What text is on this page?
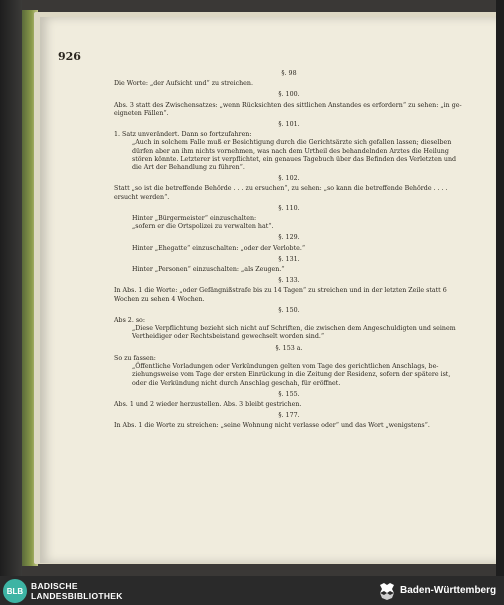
926
§. 98
Die Worte: „der Aufsicht und“ zu streichen.
§. 100.
Abs. 3 statt des Zwischensatzes: „wenn Rücksichten des sittlichen Anstandes es erfordern“ zu sehen: „in ge-eigneten Fällen“.
§. 101.
1. Satz unverändert. Dann so fortzufahren:
„Auch in solchem Falle muß er Besichtigung durch die Gerichtsärzte sich gefallen lassen; dieselben dürfen aber an ihm nichts vornehmen, was nach dem Urtheil des behandelnden Arztes die Heilung stören könnte. Letzterer ist verpflichtet, ein genaues Tagebuch über das Befinden des Verletzten und die Art der Behandlung zu führen“.
§. 102.
Statt „so ist die betreffende Behörde . . . zu ersuchen“, zu sehen: „so kann die betreffende Behörde . . . . ersucht werden“.
§. 110.
Hinter „Bürgermeister“ einzuschalten:
„sofern er die Ortspolizei zu verwalten hat“.
§. 129.
Hinter „Ehegatte“ einzuschalten: „oder der Verlobte.“
§. 131.
Hinter „Personen“ einzuschalten: „als Zeugen.“
§. 133.
In Abs. 1 die Worte: „oder Gefängnißstrafe bis zu 14 Tagen“ zu streichen und in der letzten Zeile statt 6 Wochen zu sehen 4 Wochen.
§. 150.
Abs 2. so:
„Diese Verpflichtung bezieht sich nicht auf Schriften, die zwischen dem Angeschuldigten und seinem Vertheidiger oder Rechtsbeistand gewechselt worden sind.“
§. 153 a.
So zu fassen:
„Öffentliche Vorladungen oder Verkündungen gelten vom Tage des gerichtlichen Anschlags, be-ziehungsweise vom Tage der ersten Einrückung in die Zeitung der Residenz, sofern der spätere ist, oder die Verkündung nicht durch Anschlag geschah, für eröffnet.
§. 155.
Abs. 1 und 2 wieder herzustellen. Abs. 3 bleibt gestrichen.
§. 177.
In Abs. 1 die Worte zu streichen: „seine Wohnung nicht verlasse oder“ und das Wort „wenigstens“.
BLB BADISCHE
LANDESBIBLIOTHEK	Baden-Württemberg
